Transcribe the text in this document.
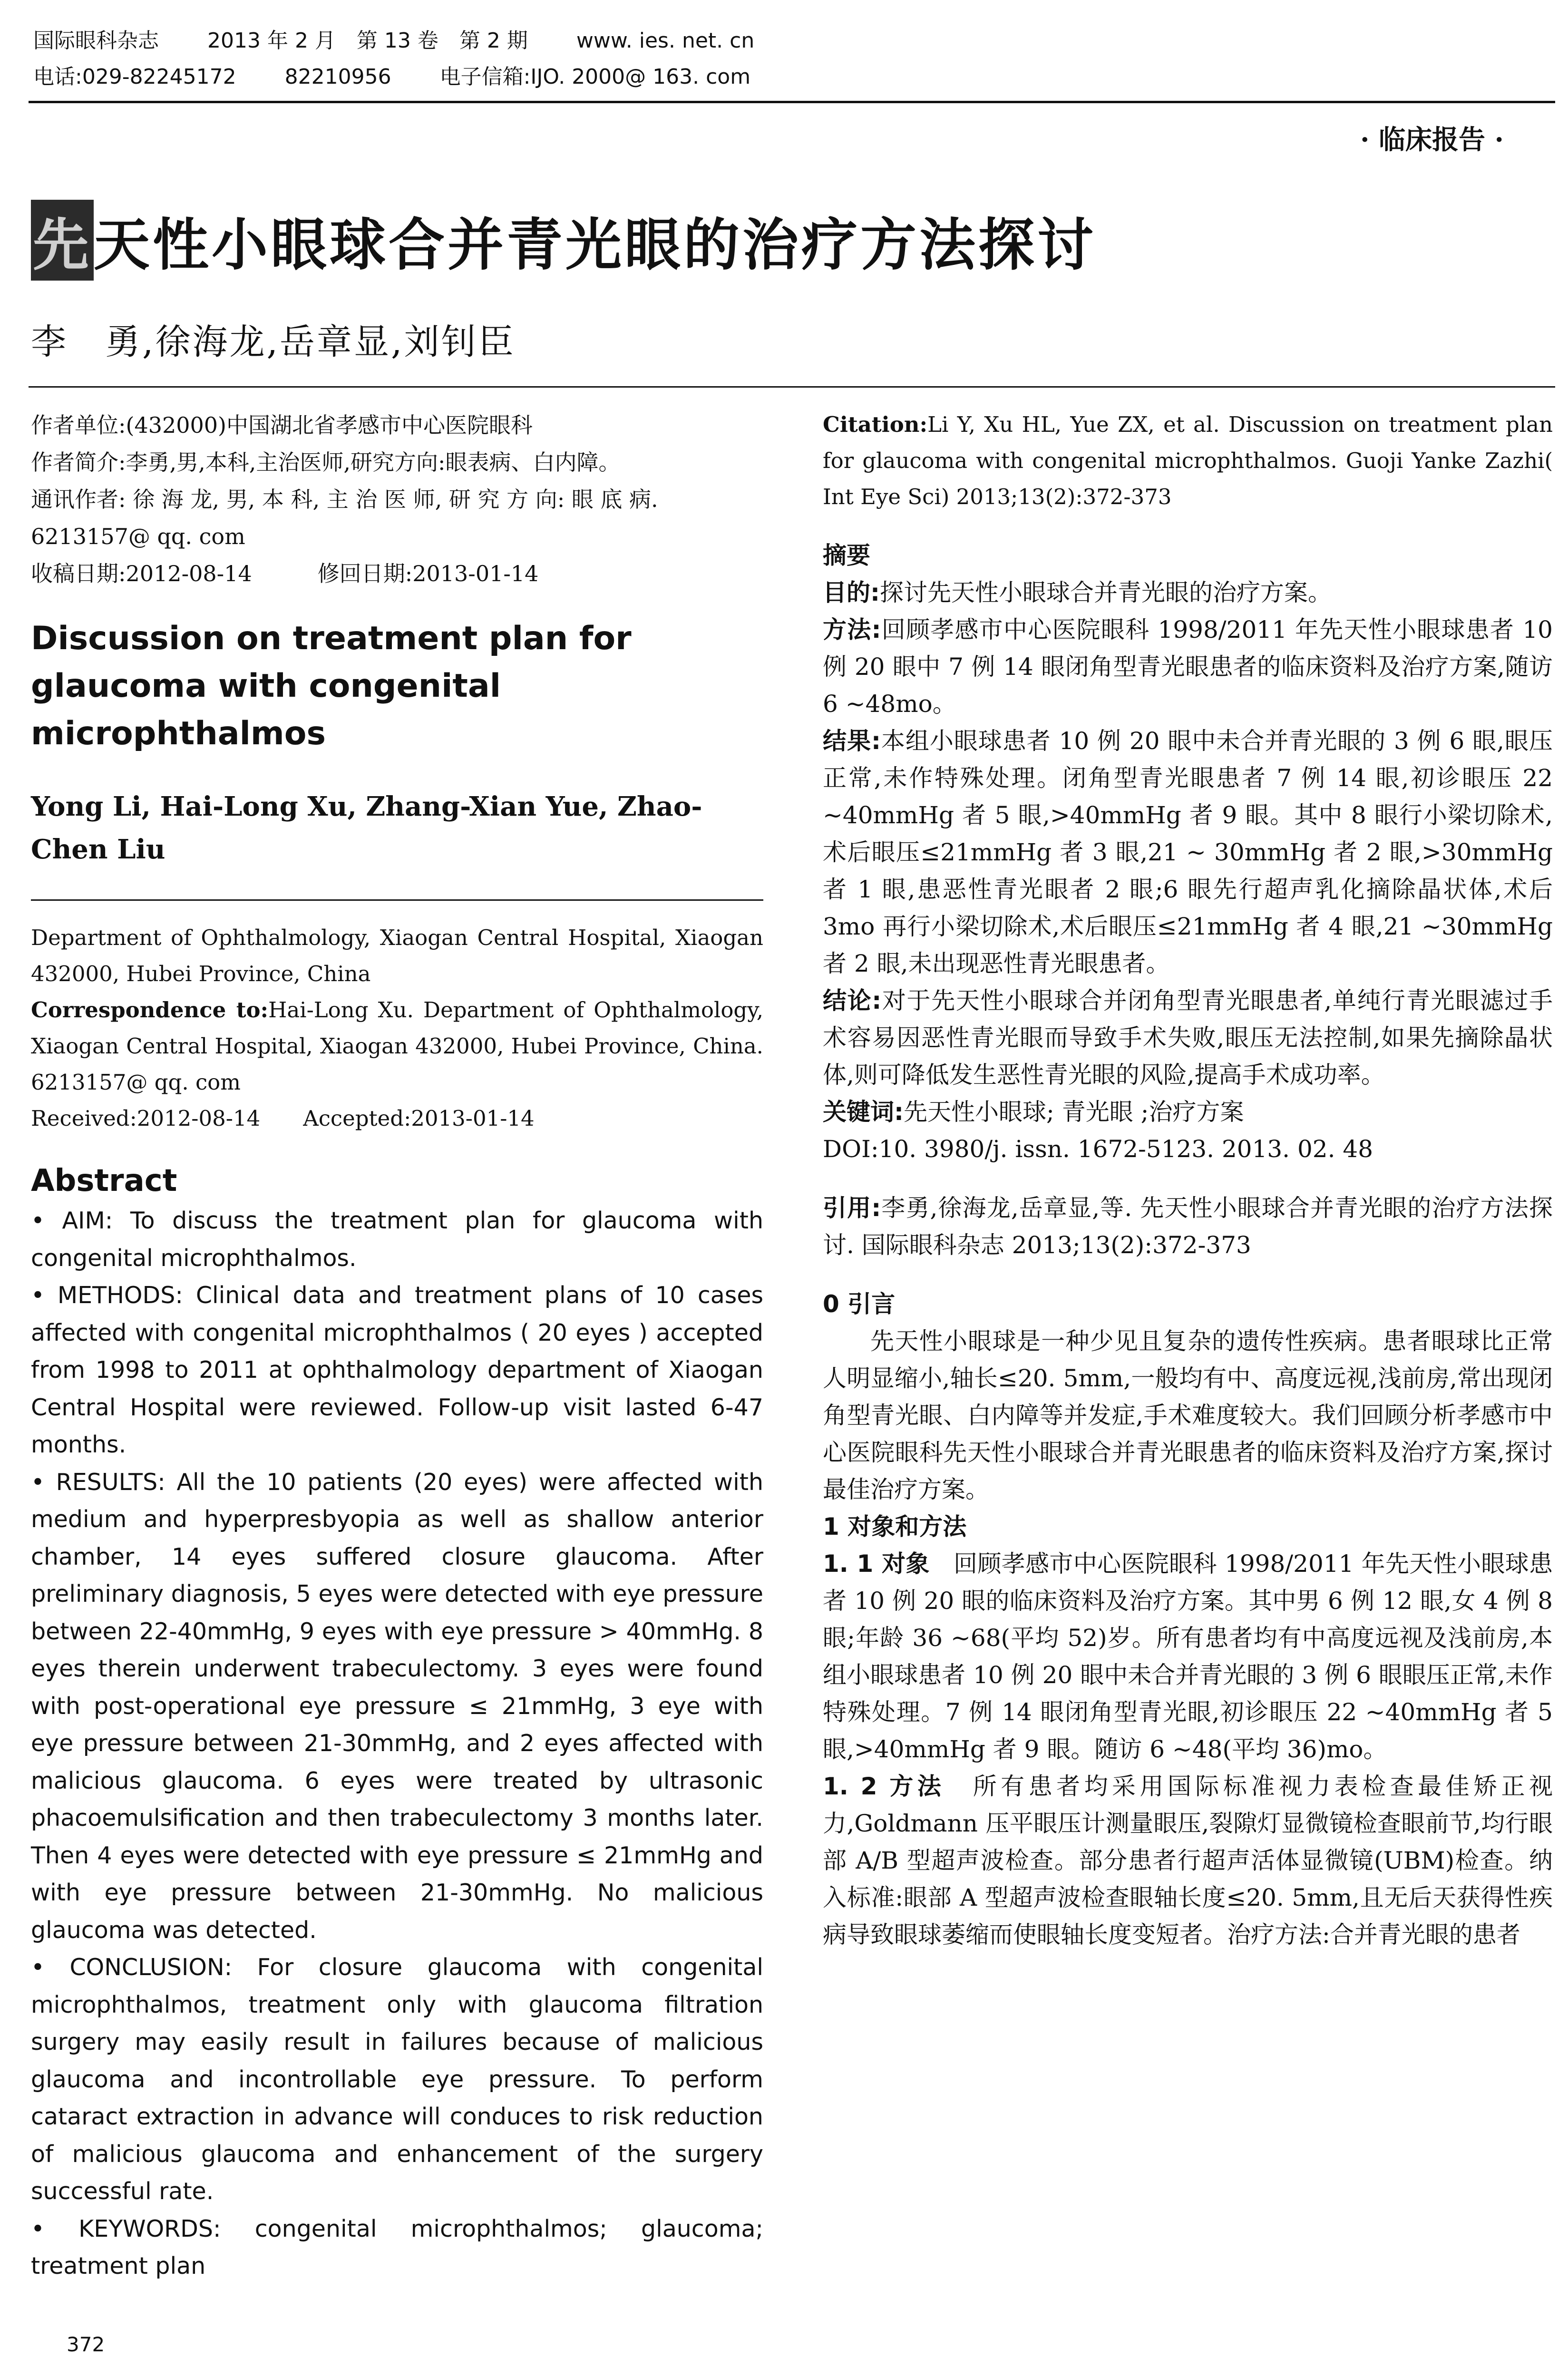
国际眼科杂志 2013 年 2 月　第 13 卷　第 2 期 www. ies. net. cn
电话:029-82245172 82210956 电子信箱:IJO. 2000@ 163. com
· 临床报告 ·
先天性小眼球合并青光眼的治疗方法探讨
李　勇,徐海龙,岳章显,刘钊臣
作者单位:(432000)中国湖北省孝感市中心医院眼科
作者简介:李勇,男,本科,主治医师,研究方向:眼表病、白内障。
通讯作者: 徐 海 龙, 男, 本 科, 主 治 医 师, 研 究 方 向: 眼 底 病.
6213157@ qq. com
收稿日期:2012-08-14　　　修回日期:2013-01-14
Discussion on treatment plan for glaucoma with congenital microphthalmos
Yong Li, Hai-Long Xu, Zhang-Xian Yue, Zhao-Chen Liu
Department of Ophthalmology, Xiaogan Central Hospital, Xiaogan 432000, Hubei Province, China
Correspondence to:Hai-Long Xu. Department of Ophthalmology, Xiaogan Central Hospital, Xiaogan 432000, Hubei Province, China. 6213157@ qq. com
Received:2012-08-14　　Accepted:2013-01-14
Abstract
• AIM: To discuss the treatment plan for glaucoma with congenital microphthalmos.
• METHODS: Clinical data and treatment plans of 10 cases affected with congenital microphthalmos ( 20 eyes ) accepted from 1998 to 2011 at ophthalmology department of Xiaogan Central Hospital were reviewed. Follow-up visit lasted 6-47 months.
• RESULTS: All the 10 patients (20 eyes) were affected with medium and hyperpresbyopia as well as shallow anterior chamber, 14 eyes suffered closure glaucoma. After preliminary diagnosis, 5 eyes were detected with eye pressure between 22-40mmHg, 9 eyes with eye pressure > 40mmHg. 8 eyes therein underwent trabeculectomy. 3 eyes were found with post-operational eye pressure ≤ 21mmHg, 3 eye with eye pressure between 21-30mmHg, and 2 eyes affected with malicious glaucoma. 6 eyes were treated by ultrasonic phacoemulsification and then trabeculectomy 3 months later. Then 4 eyes were detected with eye pressure ≤ 21mmHg and with eye pressure between 21-30mmHg. No malicious glaucoma was detected.
• CONCLUSION: For closure glaucoma with congenital microphthalmos, treatment only with glaucoma filtration surgery may easily result in failures because of malicious glaucoma and incontrollable eye pressure. To perform cataract extraction in advance will conduces to risk reduction of malicious glaucoma and enhancement of the surgery successful rate.
• KEYWORDS: congenital microphthalmos; glaucoma; treatment plan
Citation:Li Y, Xu HL, Yue ZX, et al. Discussion on treatment plan for glaucoma with congenital microphthalmos. Guoji Yanke Zazhi( Int Eye Sci) 2013;13(2):372-373
摘要
目的:探讨先天性小眼球合并青光眼的治疗方案。
方法:回顾孝感市中心医院眼科 1998/2011 年先天性小眼球患者 10 例 20 眼中 7 例 14 眼闭角型青光眼患者的临床资料及治疗方案,随访 6 ~48mo。
结果:本组小眼球患者 10 例 20 眼中未合并青光眼的 3 例 6 眼,眼压正常,未作特殊处理。闭角型青光眼患者 7 例 14 眼,初诊眼压 22 ~40mmHg 者 5 眼,>40mmHg 者 9 眼。其中 8 眼行小梁切除术,术后眼压≤21mmHg 者 3 眼,21 ~ 30mmHg 者 2 眼,>30mmHg 者 1 眼,患恶性青光眼者 2 眼;6 眼先行超声乳化摘除晶状体,术后 3mo 再行小梁切除术,术后眼压≤21mmHg 者 4 眼,21 ~30mmHg 者 2 眼,未出现恶性青光眼患者。
结论:对于先天性小眼球合并闭角型青光眼患者,单纯行青光眼滤过手术容易因恶性青光眼而导致手术失败,眼压无法控制,如果先摘除晶状体,则可降低发生恶性青光眼的风险,提高手术成功率。
关键词:先天性小眼球; 青光眼 ;治疗方案
DOI:10. 3980/j. issn. 1672-5123. 2013. 02. 48
引用:李勇,徐海龙,岳章显,等. 先天性小眼球合并青光眼的治疗方法探讨. 国际眼科杂志 2013;13(2):372-373
0 引言
先天性小眼球是一种少见且复杂的遗传性疾病。患者眼球比正常人明显缩小,轴长≤20. 5mm,一般均有中、高度远视,浅前房,常出现闭角型青光眼、白内障等并发症,手术难度较大。我们回顾分析孝感市中心医院眼科先天性小眼球合并青光眼患者的临床资料及治疗方案,探讨最佳治疗方案。
1 对象和方法
1. 1 对象　 回顾孝感市中心医院眼科 1998/2011 年先天性小眼球患者 10 例 20 眼的临床资料及治疗方案。其中男 6 例 12 眼,女 4 例 8 眼;年龄 36 ~68(平均 52)岁。所有患者均有中高度远视及浅前房,本组小眼球患者 10 例 20 眼中未合并青光眼的 3 例 6 眼眼压正常,未作特殊处理。7 例 14 眼闭角型青光眼,初诊眼压 22 ~40mmHg 者 5 眼,>40mmHg 者 9 眼。随访 6 ~48(平均 36)mo。
1. 2 方法　 所有患者均采用国际标准视力表检查最佳矫正视力,Goldmann 压平眼压计测量眼压,裂隙灯显微镜检查眼前节,均行眼部 A/B 型超声波检查。部分患者行超声活体显微镜(UBM)检查。纳入标准:眼部 A 型超声波检查眼轴长度≤20. 5mm,且无后天获得性疾病导致眼球萎缩而使眼轴长度变短者。治疗方法:合并青光眼的患者
372
